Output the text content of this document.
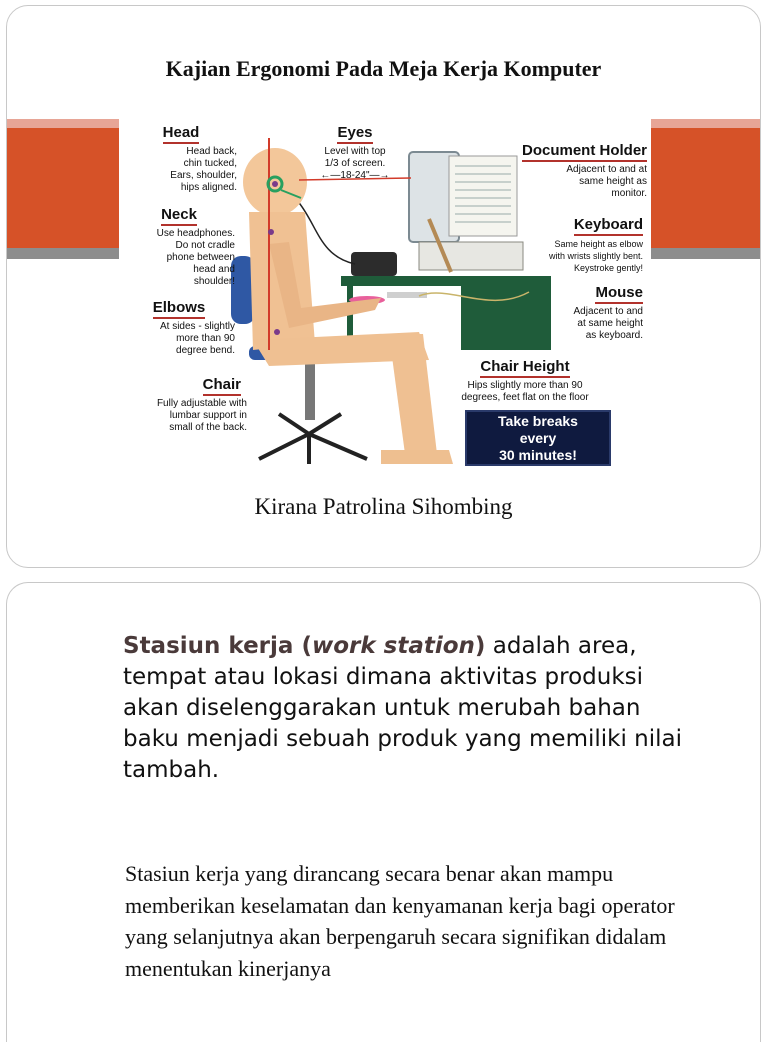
Kajian Ergonomi Pada Meja Kerja Komputer
Head
Head back,
chin tucked,
Ears, shoulder,
hips aligned.
Neck
Use headphones.
Do not cradle
phone between
head and
shoulder!
Elbows
At sides - slightly
more than 90
degree bend.
Chair
Fully adjustable with
lumbar support in
small of the back.
Eyes
Level with top
1/3 of screen.
←—18-24"—→
Document Holder
Adjacent to and at
same height as
monitor.
Keyboard
Same height as elbow
with wrists slightly bent.
Keystroke gently!
Mouse
Adjacent to and
at same height
as keyboard.
Chair Height
Hips slightly more than 90
degrees, feet flat on the floor
Take breaks
every
30 minutes!
Kirana Patrolina Sihombing
Stasiun kerja (work station) adalah area, tempat atau lokasi dimana aktivitas produksi akan diselenggarakan untuk merubah bahan baku menjadi sebuah produk yang memiliki nilai tambah.
Stasiun kerja yang dirancang secara benar akan mampu memberikan keselamatan dan kenyamanan kerja bagi operator yang selanjutnya akan berpengaruh secara signifikan didalam menentukan kinerjanya
